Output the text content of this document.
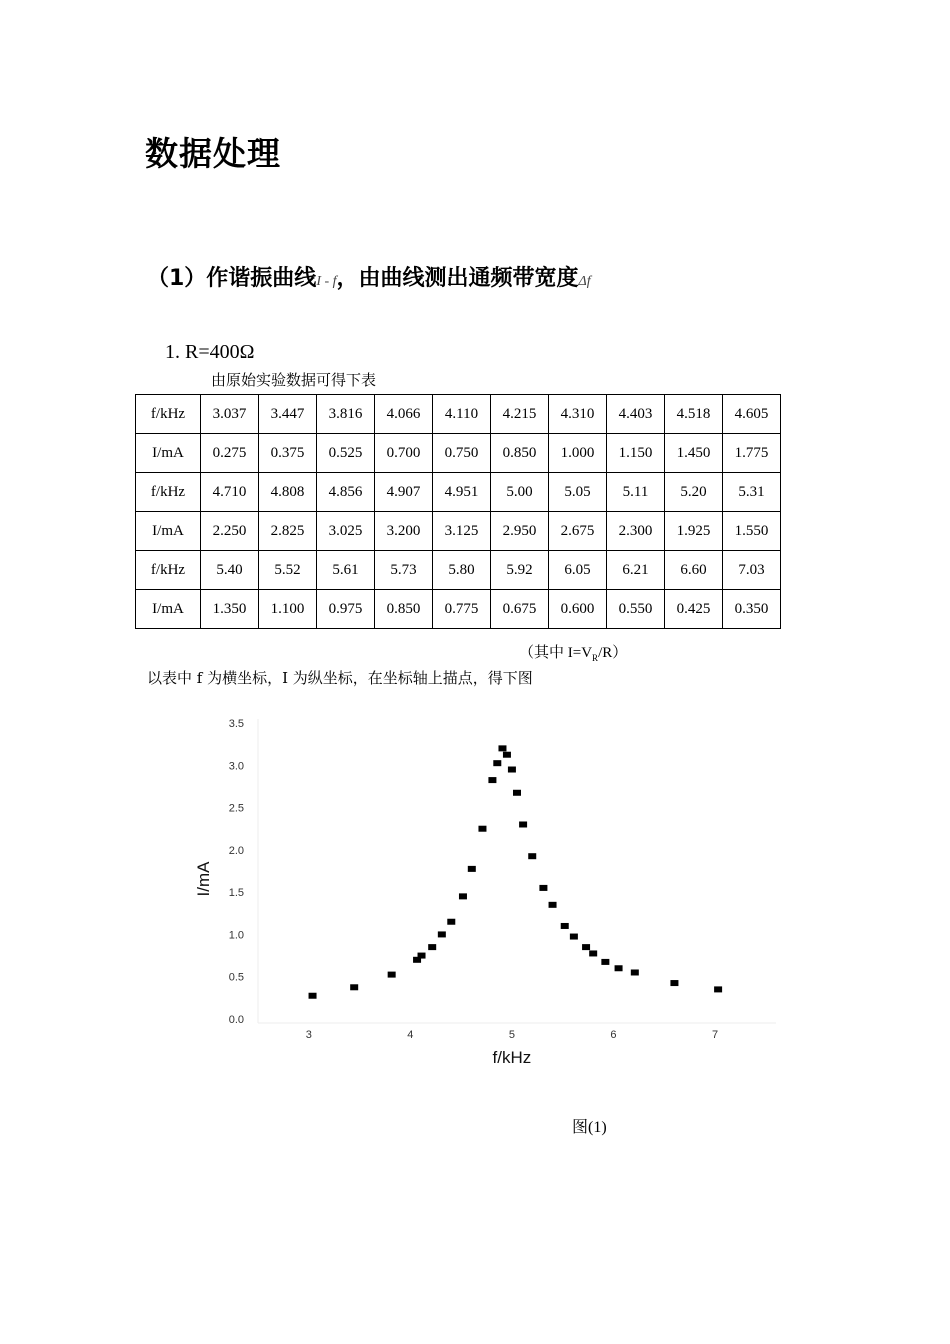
数据处理
（1）作谐振曲线I - f，由曲线测出通频带宽度Δf
1. R=400Ω
由原始实验数据可得下表
f/kHz	3.037	3.447	3.816	4.066	4.110	4.215	4.310	4.403	4.518	4.605
I/mA	0.275	0.375	0.525	0.700	0.750	0.850	1.000	1.150	1.450	1.775
f/kHz	4.710	4.808	4.856	4.907	4.951	5.00	5.05	5.11	5.20	5.31
I/mA	2.250	2.825	3.025	3.200	3.125	2.950	2.675	2.300	1.925	1.550
f/kHz	5.40	5.52	5.61	5.73	5.80	5.92	6.05	6.21	6.60	7.03
I/mA	1.350	1.100	0.975	0.850	0.775	0.675	0.600	0.550	0.425	0.350
（其中 $I=V_R/R$）
以表中 f 为横坐标，I 为纵坐标，在坐标轴上描点，得下图
0.0
0.5
1.0
1.5
2.0
2.5
3.0
3.5
3	4	5	6	7
f/kHz
I/mA
图(1)
